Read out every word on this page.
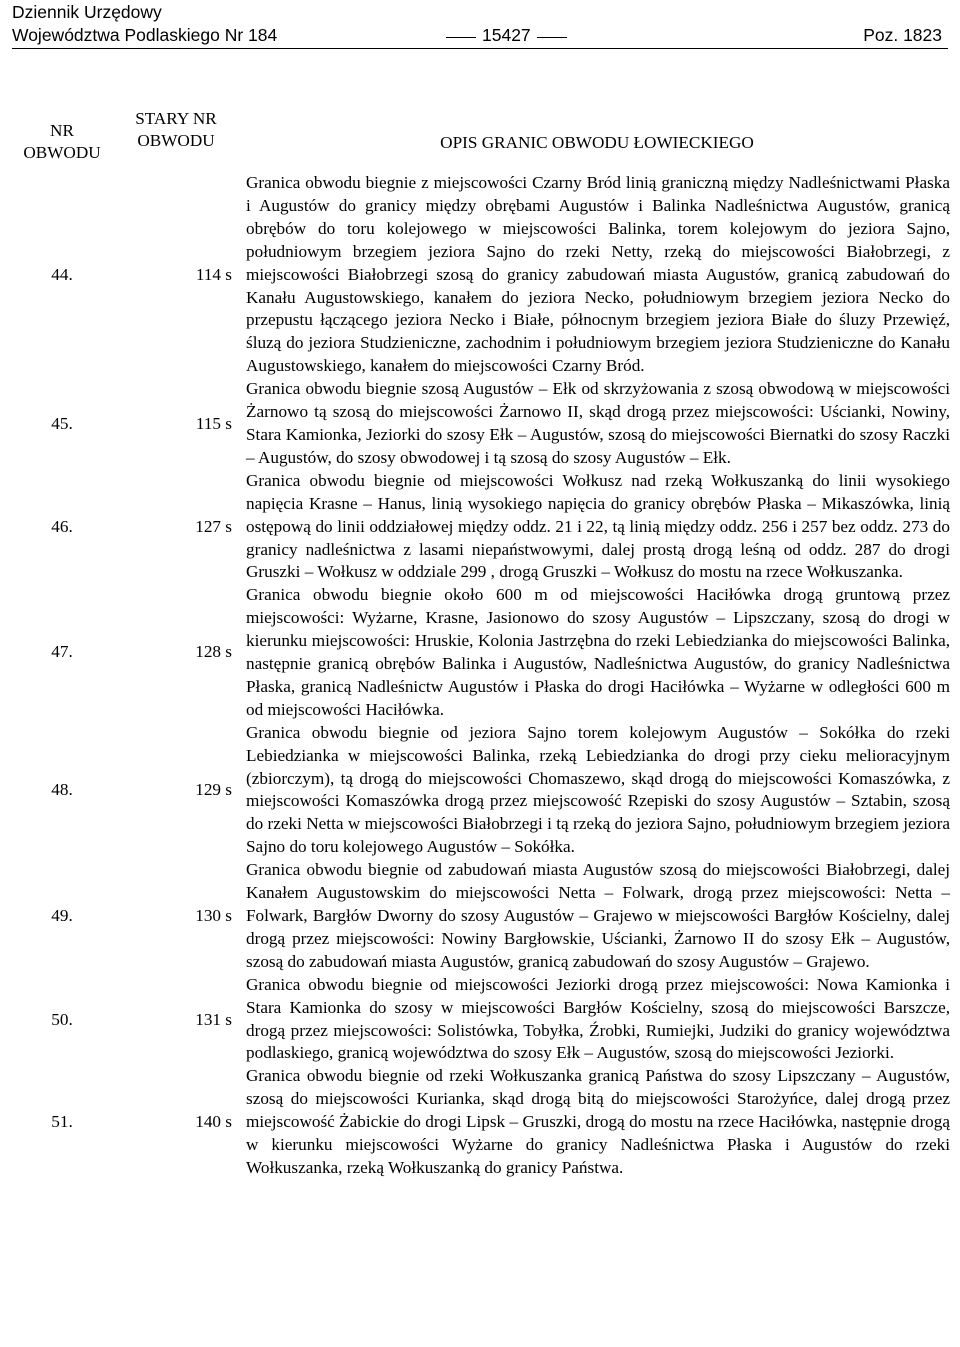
Dziennik Urzędowy
Województwa Podlaskiego Nr 184	15427	Poz. 1823
NR OBWODU
STARY NR OBWODU	OPIS GRANIC OBWODU ŁOWIECKIEGO
44.	114 s
Granica obwodu biegnie z miejscowości Czarny Bród linią graniczną między Nadleśnictwami Płaska i Augustów do granicy między obrębami Augustów i Balinka Nadleśnictwa Augustów, granicą obrębów do toru kolejowego w miejscowości Balinka, torem kolejowym do jeziora Sajno, południowym brzegiem jeziora Sajno do rzeki Netty, rzeką do miejscowości Białobrzegi, z miejscowości Białobrzegi szosą do granicy zabudowań miasta Augustów, granicą zabudowań do Kanału Augustowskiego, kanałem do jeziora Necko, południowym brzegiem jeziora Necko do przepustu łączącego jeziora Necko i Białe, północnym brzegiem jeziora Białe do śluzy Przewięź, śluzą do jeziora Studzieniczne, zachodnim i południowym brzegiem jeziora Studzieniczne do Kanału Augustowskiego, kanałem do miejscowości Czarny Bród.
45.	115 s
Granica obwodu biegnie szosą Augustów – Ełk od skrzyżowania z szosą obwodową w miejscowości Żarnowo tą szosą do miejscowości Żarnowo II, skąd drogą przez miejscowości: Uścianki, Nowiny, Stara Kamionka, Jeziorki do szosy Ełk – Augustów, szosą do miejscowości Biernatki do szosy Raczki – Augustów, do szosy obwodowej i tą szosą do szosy Augustów – Ełk.
46.	127 s
Granica obwodu biegnie od miejscowości Wołkusz nad rzeką Wołkuszanką do linii wysokiego napięcia Krasne – Hanus, linią wysokiego napięcia do granicy obrębów Płaska – Mikaszówka, linią ostępową do linii oddziałowej między oddz. 21 i 22, tą linią między oddz. 256 i 257 bez oddz. 273 do granicy nadleśnictwa z lasami niepaństwowymi, dalej prostą drogą leśną od oddz. 287 do drogi Gruszki – Wołkusz w oddziale 299 , drogą Gruszki – Wołkusz do mostu na rzece Wołkuszanka.
47.	128 s
Granica obwodu biegnie około 600 m od miejscowości Haciłówka drogą gruntową przez miejscowości: Wyżarne, Krasne, Jasionowo do szosy Augustów – Lipszczany, szosą do drogi w kierunku miejscowości: Hruskie, Kolonia Jastrzębna do rzeki Lebiedzianka do miejscowości Balinka, następnie granicą obrębów Balinka i Augustów, Nadleśnictwa Augustów, do granicy Nadleśnictwa Płaska, granicą Nadleśnictw Augustów i Płaska do drogi Haciłówka – Wyżarne w odległości 600 m od miejscowości Haciłówka.
48.	129 s
Granica obwodu biegnie od jeziora Sajno torem kolejowym Augustów – Sokółka do rzeki Lebiedzianka w miejscowości Balinka, rzeką Lebiedzianka do drogi przy cieku melioracyjnym (zbiorczym), tą drogą do miejscowości Chomaszewo, skąd drogą do miejscowości Komaszówka, z miejscowości Komaszówka drogą przez miejscowość Rzepiski do szosy Augustów – Sztabin, szosą do rzeki Netta w miejscowości Białobrzegi i tą rzeką do jeziora Sajno, południowym brzegiem jeziora Sajno do toru kolejowego Augustów – Sokółka.
49.	130 s
Granica obwodu biegnie od zabudowań miasta Augustów szosą do miejscowości Białobrzegi, dalej Kanałem Augustowskim do miejscowości Netta – Folwark, drogą przez miejscowości: Netta – Folwark, Bargłów Dworny do szosy Augustów – Grajewo w miejscowości Bargłów Kościelny, dalej drogą przez miejscowości: Nowiny Bargłowskie, Uścianki, Żarnowo II do szosy Ełk – Augustów, szosą do zabudowań miasta Augustów, granicą zabudowań do szosy Augustów – Grajewo.
50.	131 s
Granica obwodu biegnie od miejscowości Jeziorki drogą przez miejscowości: Nowa Kamionka i Stara Kamionka do szosy w miejscowości Bargłów Kościelny, szosą do miejscowości Barszcze, drogą przez miejscowości: Solistówka, Tobyłka, Źrobki, Rumiejki, Judziki do granicy województwa podlaskiego, granicą województwa do szosy Ełk – Augustów, szosą do miejscowości Jeziorki.
51.	140 s
Granica obwodu biegnie od rzeki Wołkuszanka granicą Państwa do szosy Lipszczany – Augustów, szosą do miejscowości Kurianka, skąd drogą bitą do miejscowości Starożyńce, dalej drogą przez miejscowość Żabickie do drogi Lipsk – Gruszki, drogą do mostu na rzece Haciłówka, następnie drogą w kierunku miejscowości Wyżarne do granicy Nadleśnictwa Płaska i Augustów do rzeki Wołkuszanka, rzeką Wołkuszanką do granicy Państwa.
